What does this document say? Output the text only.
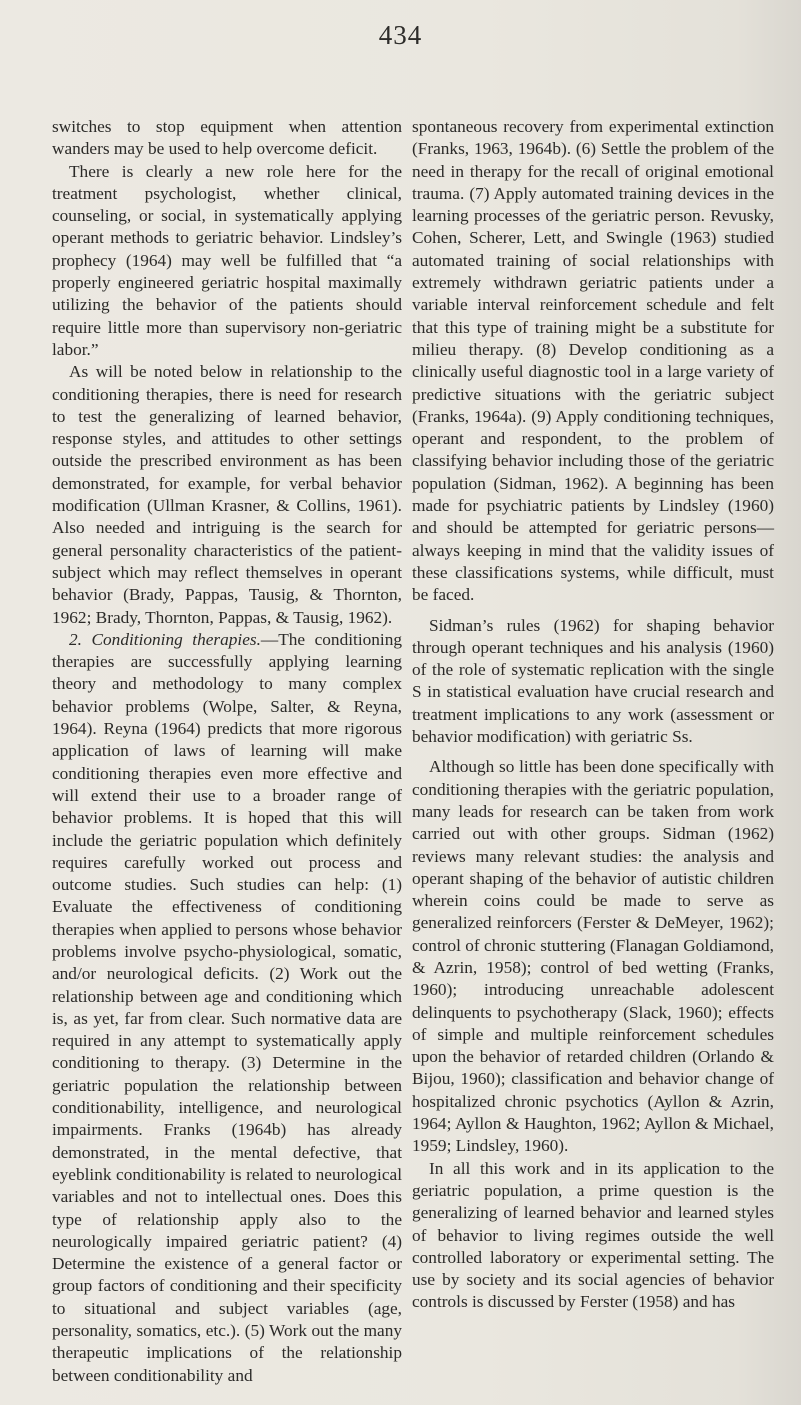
434

switches to stop equipment when attention wanders may be used to help overcome deficit.

There is clearly a new role here for the treatment psychologist, whether clinical, counseling, or social, in systematically applying operant methods to geriatric behavior. Lindsley’s prophecy (1964) may well be fulfilled that “a properly engineered geriatric hospital maximally utilizing the behavior of the patients should require little more than supervisory non-geriatric labor.”

As will be noted below in relationship to the conditioning therapies, there is need for research to test the generalizing of learned behavior, response styles, and attitudes to other settings outside the prescribed environment as has been demonstrated, for example, for verbal behavior modification (Ullman Krasner, & Collins, 1961). Also needed and intriguing is the search for general personality characteristics of the patient-subject which may reflect themselves in operant behavior (Brady, Pappas, Tausig, & Thornton, 1962; Brady, Thornton, Pappas, & Tausig, 1962).

2. Conditioning therapies.—The conditioning therapies are successfully applying learning theory and methodology to many complex behavior problems (Wolpe, Salter, & Reyna, 1964). Reyna (1964) predicts that more rigorous application of laws of learning will make conditioning therapies even more effective and will extend their use to a broader range of behavior problems. It is hoped that this will include the geriatric population which definitely requires carefully worked out process and outcome studies. Such studies can help: (1) Evaluate the effectiveness of conditioning therapies when applied to persons whose behavior problems involve psycho-physiological, somatic, and/or neurological deficits. (2) Work out the relationship between age and conditioning which is, as yet, far from clear. Such normative data are required in any attempt to systematically apply conditioning to therapy. (3) Determine in the geriatric population the relationship between conditionability, intelligence, and neurological impairments. Franks (1964b) has already demonstrated, in the mental defective, that eyeblink conditionability is related to neurological variables and not to intellectual ones. Does this type of relationship apply also to the neurologically impaired geriatric patient? (4) Determine the existence of a general factor or group factors of conditioning and their specificity to situational and subject variables (age, personality, somatics, etc.). (5) Work out the many therapeutic implications of the relationship between conditionability and

spontaneous recovery from experimental extinction (Franks, 1963, 1964b). (6) Settle the problem of the need in therapy for the recall of original emotional trauma. (7) Apply automated training devices in the learning processes of the geriatric person. Revusky, Cohen, Scherer, Lett, and Swingle (1963) studied automated training of social relationships with extremely withdrawn geriatric patients under a variable interval reinforcement schedule and felt that this type of training might be a substitute for milieu therapy. (8) Develop conditioning as a clinically useful diagnostic tool in a large variety of predictive situations with the geriatric subject (Franks, 1964a). (9) Apply conditioning techniques, operant and respondent, to the problem of classifying behavior including those of the geriatric population (Sidman, 1962). A beginning has been made for psychiatric patients by Lindsley (1960) and should be attempted for geriatric persons—always keeping in mind that the validity issues of these classifications systems, while difficult, must be faced.

Sidman’s rules (1962) for shaping behavior through operant techniques and his analysis (1960) of the role of systematic replication with the single S in statistical evaluation have crucial research and treatment implications to any work (assessment or behavior modification) with geriatric Ss.

Although so little has been done specifically with conditioning therapies with the geriatric population, many leads for research can be taken from work carried out with other groups. Sidman (1962) reviews many relevant studies: the analysis and operant shaping of the behavior of autistic children wherein coins could be made to serve as generalized reinforcers (Ferster & DeMeyer, 1962); control of chronic stuttering (Flanagan Goldiamond, & Azrin, 1958); control of bed wetting (Franks, 1960); introducing unreachable adolescent delinquents to psychotherapy (Slack, 1960); effects of simple and multiple reinforcement schedules upon the behavior of retarded children (Orlando & Bijou, 1960); classification and behavior change of hospitalized chronic psychotics (Ayllon & Azrin, 1964; Ayllon & Haughton, 1962; Ayllon & Michael, 1959; Lindsley, 1960).

In all this work and in its application to the geriatric population, a prime question is the generalizing of learned behavior and learned styles of behavior to living regimes outside the well controlled laboratory or experimental setting. The use by society and its social agencies of behavior controls is discussed by Ferster (1958) and has
